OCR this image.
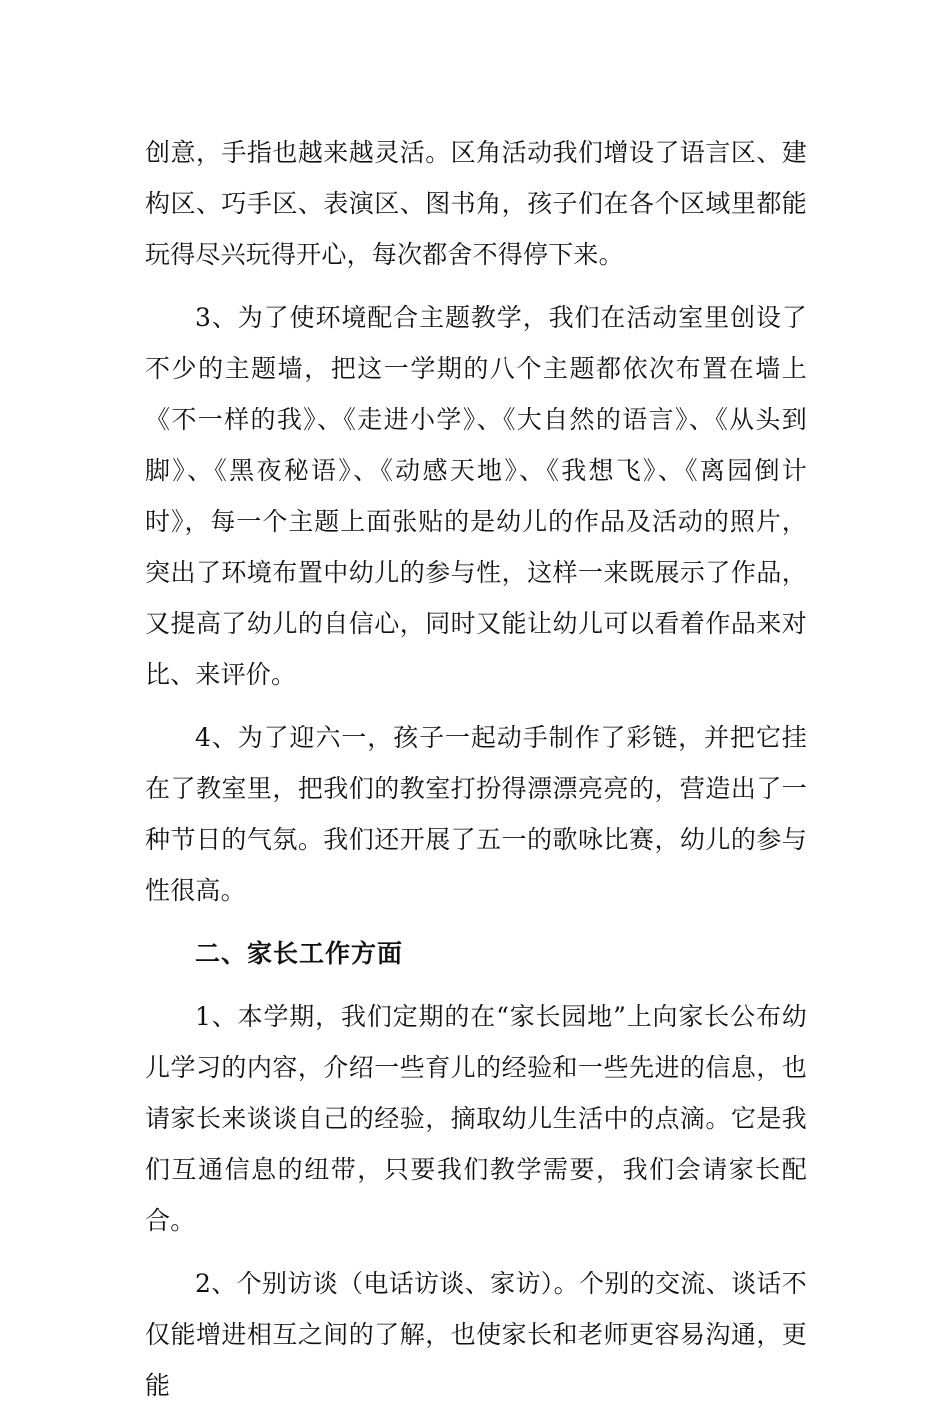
创意，手指也越来越灵活。区角活动我们增设了语言区、建构区、巧手区、表演区、图书角，孩子们在各个区域里都能玩得尽兴玩得开心，每次都舍不得停下来。

3、为了使环境配合主题教学，我们在活动室里创设了不少的主题墙，把这一学期的八个主题都依次布置在墙上《不一样的我》、《走进小学》、《大自然的语言》、《从头到脚》、《黑夜秘语》、《动感天地》、《我想飞》、《离园倒计时》，每一个主题上面张贴的是幼儿的作品及活动的照片，突出了环境布置中幼儿的参与性，这样一来既展示了作品，又提高了幼儿的自信心，同时又能让幼儿可以看着作品来对比、来评价。

4、为了迎六一，孩子一起动手制作了彩链，并把它挂在了教室里，把我们的教室打扮得漂漂亮亮的，营造出了一种节日的气氛。我们还开展了五一的歌咏比赛，幼儿的参与性很高。

二、家长工作方面

1、本学期，我们定期的在“家长园地”上向家长公布幼儿学习的内容，介绍一些育儿的经验和一些先进的信息，也请家长来谈谈自己的经验，摘取幼儿生活中的点滴。它是我们互通信息的纽带，只要我们教学需要，我们会请家长配合。

2、个别访谈（电话访谈、家访）。个别的交流、谈话不仅能增进相互之间的了解，也使家长和老师更容易沟通，更能
